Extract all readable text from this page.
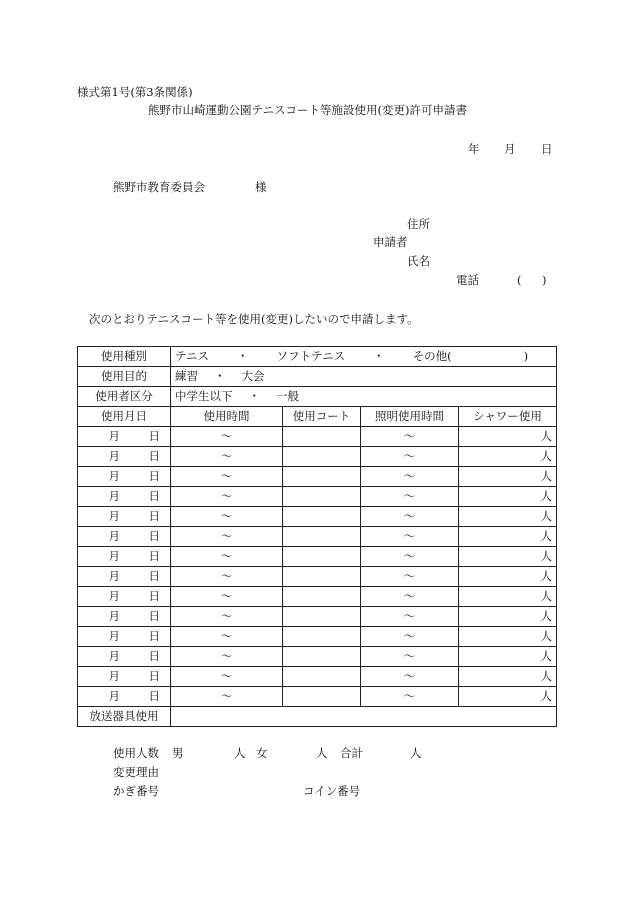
様式第1号(第3条関係)
熊野市山崎運動公園テニスコート等施設使用(変更)許可申請書
年 月 日
熊野市教育委員会	様
住所
申請者
氏名
電話	( )
次のとおりテニスコート等を使用(変更)したいので申請します。
使用種別	テニス ・ ソフトテニス ・ その他( )			
使用目的	練習 ・ 大会			
使用者区分	中学生以下 ・ 一般			
使用月日	使用時間	使用コート	照明使用時間	シャワー使用
月 日	〜		〜	人
月 日	〜		〜	人
月 日	〜		〜	人
月 日	〜		〜	人
月 日	〜		〜	人
月 日	〜		〜	人
月 日	〜		〜	人
月 日	〜		〜	人
月 日	〜		〜	人
月 日	〜		〜	人
月 日	〜		〜	人
月 日	〜		〜	人
月 日	〜		〜	人
月 日	〜		〜	人
放送器具使用				
使用人数 男	人 女	人 合計	人
変更理由
かぎ番号	コイン番号
